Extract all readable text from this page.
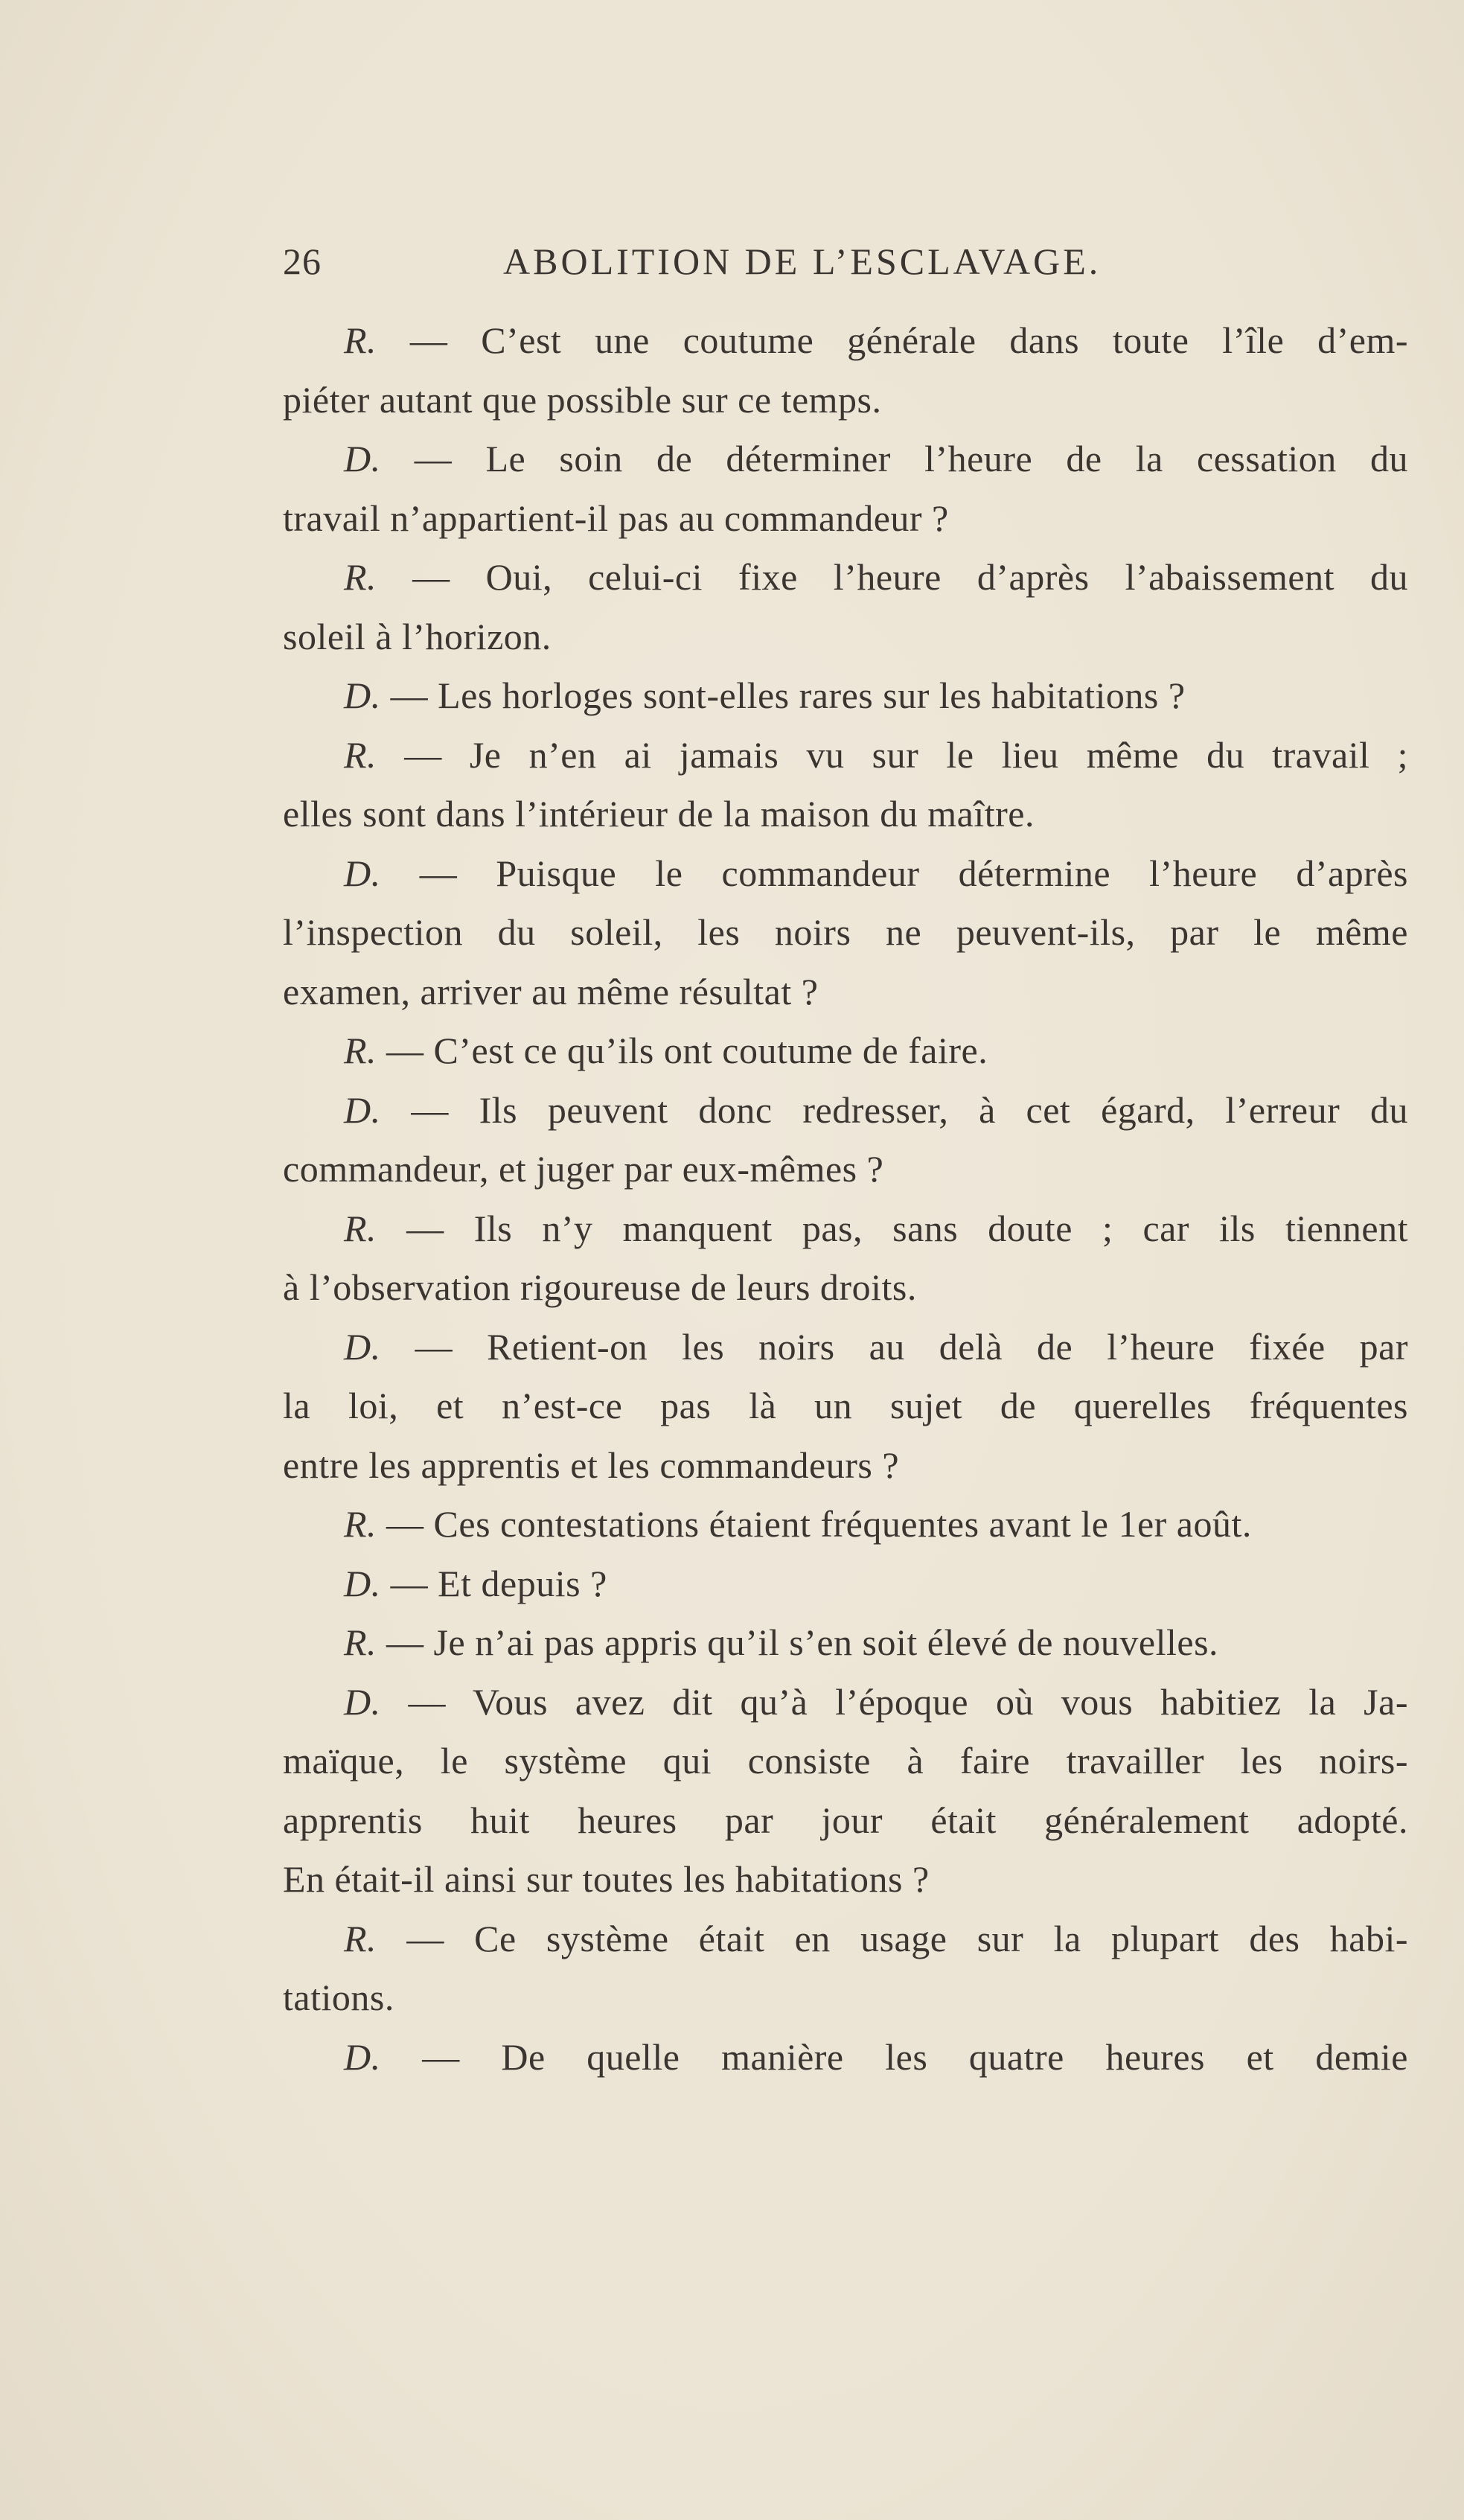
26	ABOLITION DE L’ESCLAVAGE.
R. — C’est une coutume générale dans toute l’île d’em-
piéter autant que possible sur ce temps.
D. — Le soin de déterminer l’heure de la cessation du
travail n’appartient-il pas au commandeur ?
R. — Oui, celui-ci fixe l’heure d’après l’abaissement du
soleil à l’horizon.
D. — Les horloges sont-elles rares sur les habitations ?
R. — Je n’en ai jamais vu sur le lieu même du travail ;
elles sont dans l’intérieur de la maison du maître.
D. — Puisque le commandeur détermine l’heure d’après
l’inspection du soleil, les noirs ne peuvent-ils, par le même
examen, arriver au même résultat ?
R. — C’est ce qu’ils ont coutume de faire.
D. — Ils peuvent donc redresser, à cet égard, l’erreur du
commandeur, et juger par eux-mêmes ?
R. — Ils n’y manquent pas, sans doute ; car ils tiennent
à l’observation rigoureuse de leurs droits.
D. — Retient-on les noirs au delà de l’heure fixée par
la loi, et n’est-ce pas là un sujet de querelles fréquentes
entre les apprentis et les commandeurs ?
R. — Ces contestations étaient fréquentes avant le 1er août.
D. — Et depuis ?
R. — Je n’ai pas appris qu’il s’en soit élevé de nouvelles.
D. — Vous avez dit qu’à l’époque où vous habitiez la Ja-
maïque, le système qui consiste à faire travailler les noirs-
apprentis huit heures par jour était généralement adopté.
En était-il ainsi sur toutes les habitations ?
R. — Ce système était en usage sur la plupart des habi-
tations.
D. — De quelle manière les quatre heures et demie
